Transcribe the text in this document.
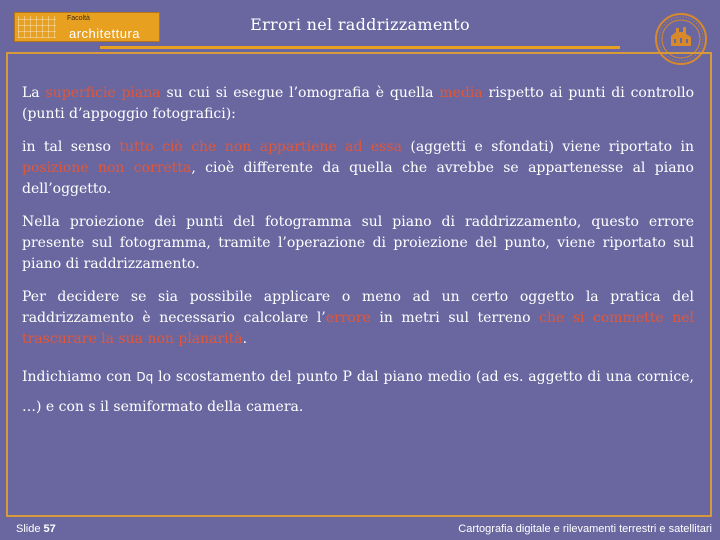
Facoltà
architettura	Errori nel raddrizzamento

La superficie piana su cui si esegue l’omografia è quella media rispetto ai punti di controllo (punti d’appoggio fotografici):

in tal senso tutto ciò che non appartiene ad essa (aggetti e sfondati) viene riportato in posizione non corretta, cioè differente da quella che avrebbe se appartenesse al piano dell’oggetto.

Nella proiezione dei punti del fotogramma sul piano di raddrizzamento, questo errore presente sul fotogramma, tramite l’operazione di proiezione del punto, viene riportato sul piano di raddrizzamento.

Per decidere se sia possibile applicare o meno ad un certo oggetto la pratica del raddrizzamento è necessario calcolare l’errore in metri sul terreno che si commette nel trascurare la sua non planarità.

Indichiamo con Dq lo scostamento del punto P dal piano medio (ad es. aggetto di una cornice, …) e con s il semiformato della camera.

Slide 57	Cartografia digitale e rilevamenti terrestri e satellitari
